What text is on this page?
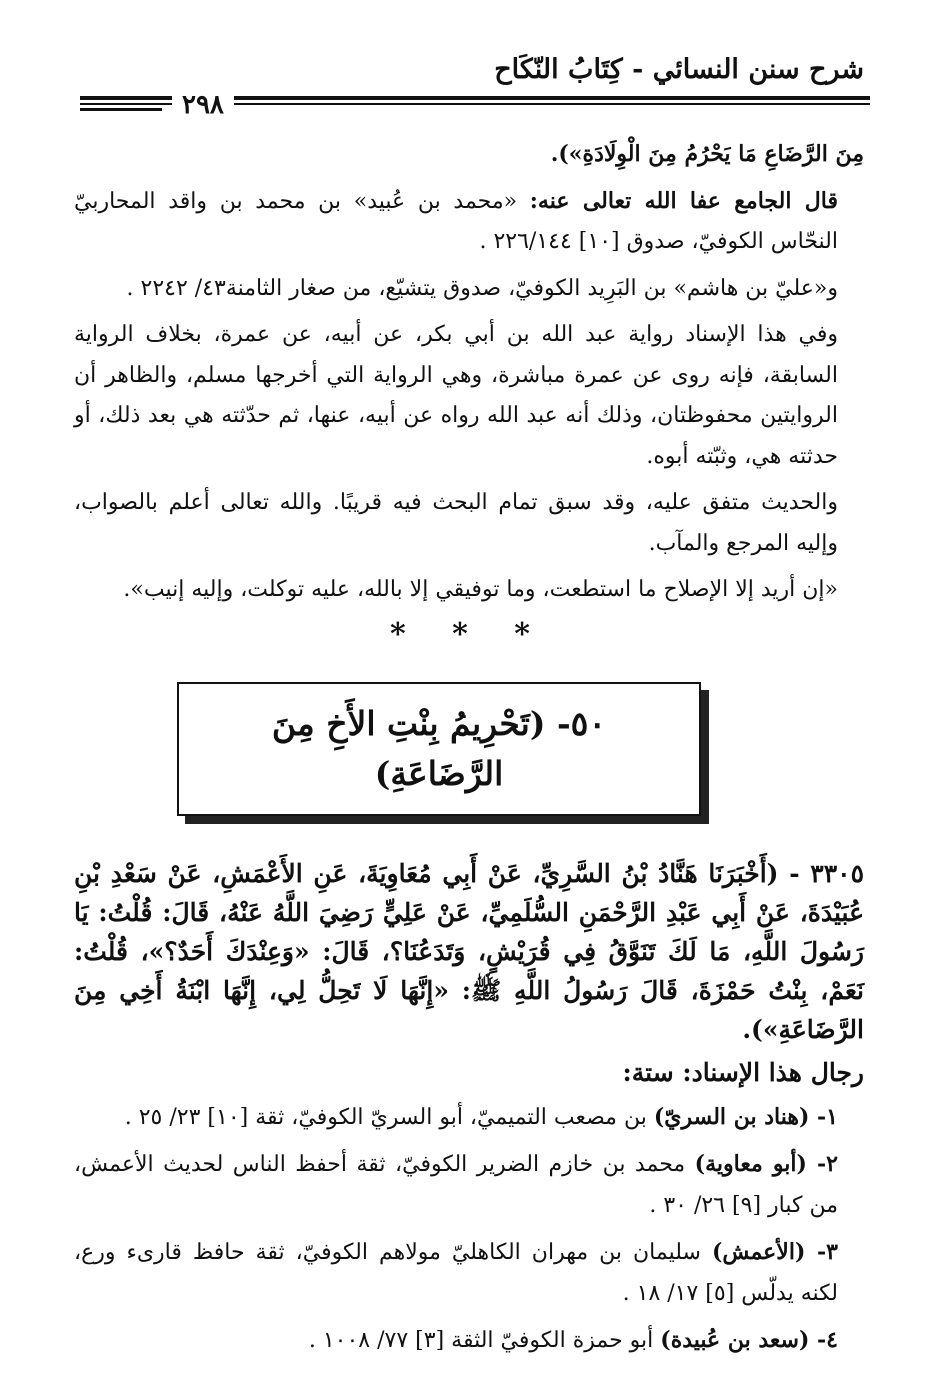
شرح سنن النسائي - كِتَابُ النّكَاح
٢٩٨

مِنَ الرَّضَاعِ مَا يَحْرُمُ مِنَ الْوِلَادَةِ»).

قال الجامع عفا الله تعالى عنه: «محمد بن عُبيد» بن محمد بن واقد المحاربيّ النحّاس الكوفيّ، صدوق [١٠] ٢٢٦/١٤٤ .

و«عليّ بن هاشم» بن البَرِيد الكوفيّ، صدوق يتشيّع، من صغار الثامنة٤٣/ ٢٢٤٢ .

وفي هذا الإسناد رواية عبد الله بن أبي بكر، عن أبيه، عن عمرة، بخلاف الرواية السابقة، فإنه روى عن عمرة مباشرة، وهي الرواية التي أخرجها مسلم، والظاهر أن الروايتين محفوظتان، وذلك أنه عبد الله رواه عن أبيه، عنها، ثم حدّثته هي بعد ذلك، أو حدثته هي، وثبّته أبوه.

والحديث متفق عليه، وقد سبق تمام البحث فيه قريبًا. والله تعالى أعلم بالصواب، وإليه المرجع والمآب.

«إن أريد إلا الإصلاح ما استطعت، وما توفيقي إلا بالله، عليه توكلت، وإليه إنيب».

* * *
٥٠- (تَحْرِيمُ بِنْتِ الأَخِ مِنَ
الرَّضَاعَةِ)

٣٣٠٥ - (أَخْبَرَنَا هَنَّادُ بْنُ السَّرِيِّ، عَنْ أَبِي مُعَاوِيَةَ، عَنِ الأَعْمَشِ، عَنْ سَعْدِ بْنِ عُبَيْدَةَ، عَنْ أَبِي عَبْدِ الرَّحْمَنِ السُّلَمِيِّ، عَنْ عَلِيٍّ رَضِيَ اللَّهُ عَنْهُ، قَالَ: قُلْتُ: يَا رَسُولَ اللَّهِ، مَا لَكَ تَنَوَّقُ فِي قُرَيْشٍ، وَتَدَعُنَا؟، قَالَ: «وَعِنْدَكَ أَحَدٌ؟»، قُلْتُ: نَعَمْ، بِنْتُ حَمْزَةَ، قَالَ رَسُولُ اللَّهِ ﷺ: «إِنَّهَا لَا تَحِلُّ لِي، إِنَّهَا ابْنَةُ أَخِي مِنَ الرَّضَاعَةِ»).

رجال هذا الإسناد: ستة:

١- (هناد بن السريّ) بن مصعب التميميّ، أبو السريّ الكوفيّ، ثقة [١٠] ٢٣/ ٢٥ .

٢- (أبو معاوية) محمد بن خازم الضرير الكوفيّ، ثقة أحفظ الناس لحديث الأعمش، من كبار [٩] ٢٦/ ٣٠ .

٣- (الأعمش) سليمان بن مهران الكاهليّ مولاهم الكوفيّ، ثقة حافظ قارىء ورع، لكنه يدلّس [٥] ١٧/ ١٨ .

٤- (سعد بن عُبيدة) أبو حمزة الكوفيّ الثقة [٣] ٧٧/ ١٠٠٨ .
